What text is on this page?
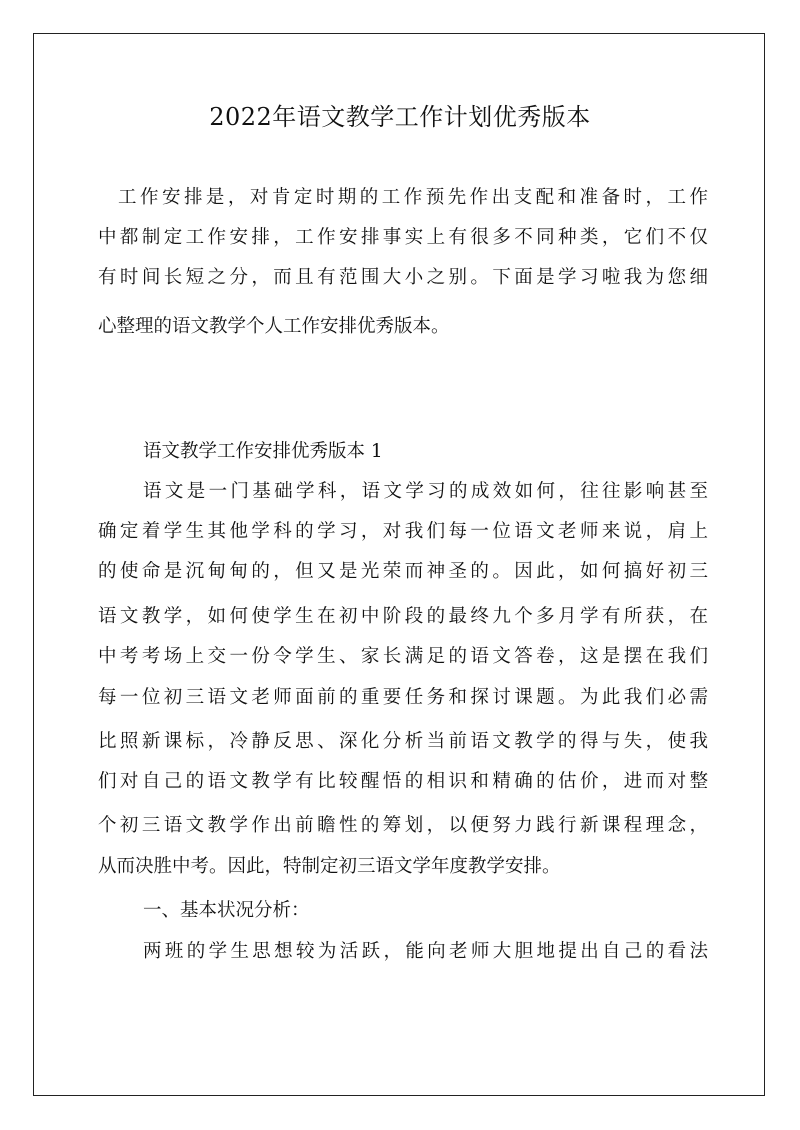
2022年语文教学工作计划优秀版本

工作安排是，对肯定时期的工作预先作出支配和准备时，工作

中都制定工作安排，工作安排事实上有很多不同种类，它们不仅

有时间长短之分，而且有范围大小之别。下面是学习啦我为您细

心整理的语文教学个人工作安排优秀版本。

语文教学工作安排优秀版本 1

语文是一门基础学科，语文学习的成效如何，往往影响甚至

确定着学生其他学科的学习，对我们每一位语文老师来说，肩上

的使命是沉甸甸的，但又是光荣而神圣的。因此，如何搞好初三

语文教学，如何使学生在初中阶段的最终九个多月学有所获，在

中考考场上交一份令学生、家长满足的语文答卷，这是摆在我们

每一位初三语文老师面前的重要任务和探讨课题。为此我们必需

比照新课标，冷静反思、深化分析当前语文教学的得与失，使我

们对自己的语文教学有比较醒悟的相识和精确的估价，进而对整

个初三语文教学作出前瞻性的筹划，以便努力践行新课程理念，

从而决胜中考。因此，特制定初三语文学年度教学安排。

一、基本状况分析：

两班的学生思想较为活跃，能向老师大胆地提出自己的看法
